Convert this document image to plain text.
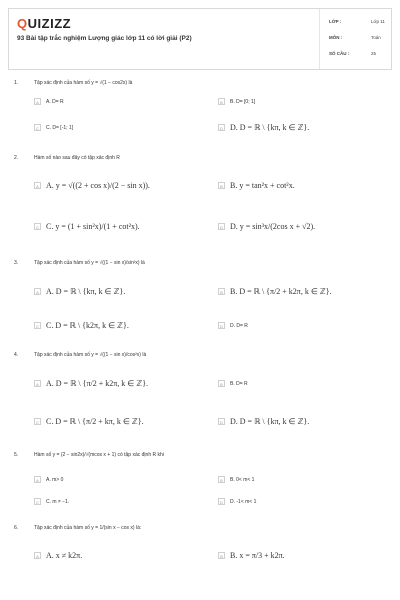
QUIZIZZ
93 Bài tập trắc nghiệm Lượng giác lớp 11 có lời giải (P2)
LỚP :	Lớp 11
MÔN :	Toán
SỐ CÂU :	25
1.	Tập xác định của hàm số y = √(1 − cos2x) là
A	A. D= R	B	B. D= [0; 1]
C	C. D= [-1; 1]	D D. D = ℝ \ {kπ, k ∈ ℤ}.
2.	Hàm số nào sau đây có tập xác định R
A A. y = √((2 + cos x)/(2 − sin x)).	B B. y = tan²x + cot²x.
C C. y = (1 + sin²x)/(1 + cot²x).	D D. y = sin³x/(2cos x + √2).
3.	Tập xác định của hàm số y = √((1 − sin x)/sin²x) là
A A. D = ℝ \ {kπ, k ∈ ℤ}.	B B. D = ℝ \ {π/2 + k2π, k ∈ ℤ}.
C C. D = ℝ \ {k2π, k ∈ ℤ}.	D	D. D= R
4.	Tập xác định của hàm số y = √((1 − sin x)/cos²x) là
A A. D = ℝ \ {π/2 + k2π, k ∈ ℤ}.	B	B. D= R
C C. D = ℝ \ {π/2 + kπ, k ∈ ℤ}.	D D. D = ℝ \ {kπ, k ∈ ℤ}.
5.	Hàm số y = (2 − sin2x)/√(mcos x + 1) có tập xác định R khi
A	A. m> 0	B	B. 0< m< 1
C	C. m ≠ −1.	D	D. -1< m< 1
6.	Tập xác định của hàm số y = 1/(sin x − cos x) là:
A A. x ≠ k2π.	B B. x = π/3 + k2π.
